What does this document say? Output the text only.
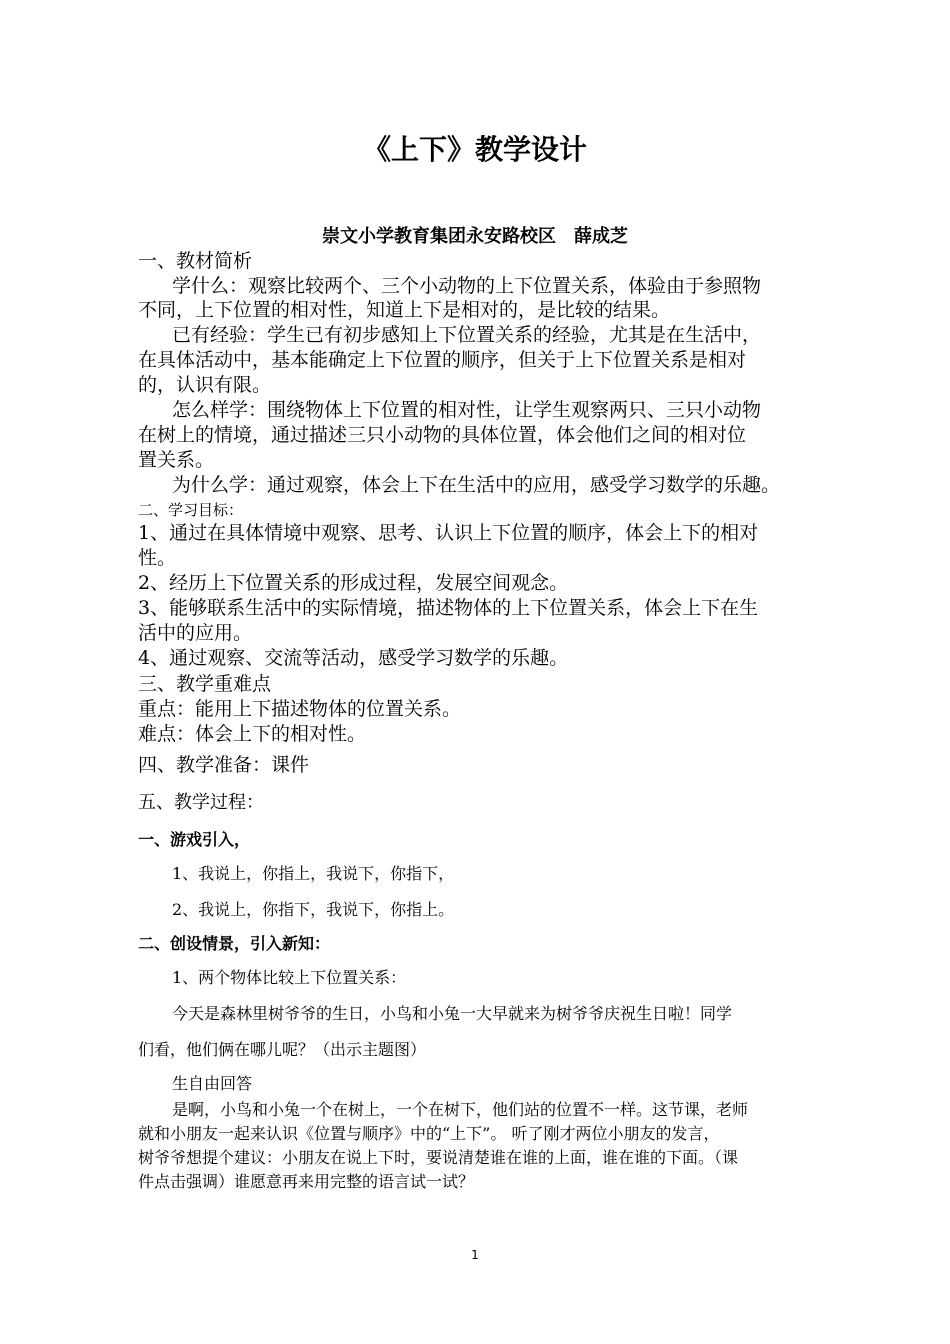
《上下》教学设计
崇文小学教育集团永安路校区　薛成芝
一、教材简析
学什么：观察比较两个、三个小动物的上下位置关系，体验由于参照物
不同，上下位置的相对性，知道上下是相对的，是比较的结果。
已有经验：学生已有初步感知上下位置关系的经验，尤其是在生活中，
在具体活动中，基本能确定上下位置的顺序，但关于上下位置关系是相对
的，认识有限。
怎么样学：围绕物体上下位置的相对性，让学生观察两只、三只小动物
在树上的情境，通过描述三只小动物的具体位置，体会他们之间的相对位
置关系。
为什么学：通过观察，体会上下在生活中的应用，感受学习数学的乐趣。
二、学习目标：
1、通过在具体情境中观察、思考、认识上下位置的顺序，体会上下的相对
性。
2、经历上下位置关系的形成过程，发展空间观念。
3、能够联系生活中的实际情境，描述物体的上下位置关系，体会上下在生
活中的应用。
4、通过观察、交流等活动，感受学习数学的乐趣。
三、教学重难点
重点：能用上下描述物体的位置关系。
难点：体会上下的相对性。
四、教学准备：课件
五、教学过程：
一、游戏引入，
1、我说上，你指上，我说下，你指下，
2、我说上，你指下，我说下，你指上。
二、创设情景，引入新知：
1、两个物体比较上下位置关系：
今天是森林里树爷爷的生日，小鸟和小兔一大早就来为树爷爷庆祝生日啦！同学
们看，他们俩在哪儿呢？（出示主题图）
生自由回答
是啊，小鸟和小兔一个在树上，一个在树下，他们站的位置不一样。这节课，老师
就和小朋友一起来认识《位置与顺序》中的“上下”。 听了刚才两位小朋友的发言，
树爷爷想提个建议：小朋友在说上下时，要说清楚谁在谁的上面，谁在谁的下面。（课
件点击强调）谁愿意再来用完整的语言试一试？
1
